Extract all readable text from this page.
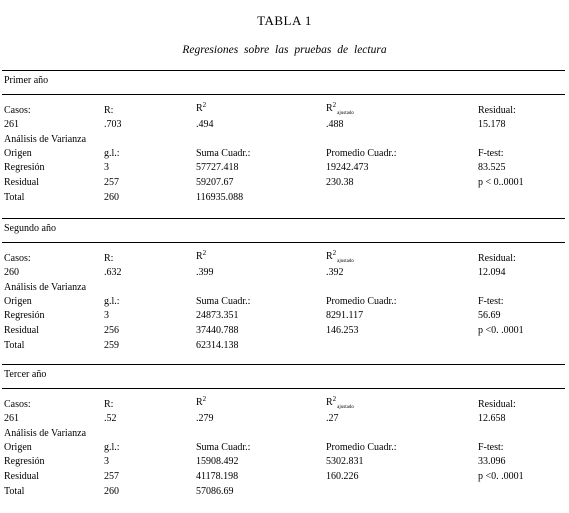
TABLA 1
Regresiones sobre las pruebas de lectura
Primer año
Casos:	R:	$R^2$	$R^2_{ajustado}$	Residual:
261	.703	.494	.488	15.178
Análisis de Varianza
Origen	g.l.:	Suma Cuadr.:	Promedio Cuadr.:	F-test:
Regresión	3	57727.418	19242.473	83.525
Residual	257	59207.67	230.38	p < 0..0001
Total	260	116935.088
Segundo año
Casos:	R:	$R^2$	$R^2_{ajustado}$	Residual:
260	.632	.399	.392	12.094
Análisis de Varianza
Origen	g.l.:	Suma Cuadr.:	Promedio Cuadr.:	F-test:
Regresión	3	24873.351	8291.117	56.69
Residual	256	37440.788	146.253	p <0. .0001
Total	259	62314.138
Tercer año
Casos:	R:	$R^2$	$R^2_{ajustado}$	Residual:
261	.52	.279	.27	12.658
Análisis de Varianza
Origen	g.l.:	Suma Cuadr.:	Promedio Cuadr.:	F-test:
Regresión	3	15908.492	5302.831	33.096
Residual	257	41178.198	160.226	p <0. .0001
Total	260	57086.69
